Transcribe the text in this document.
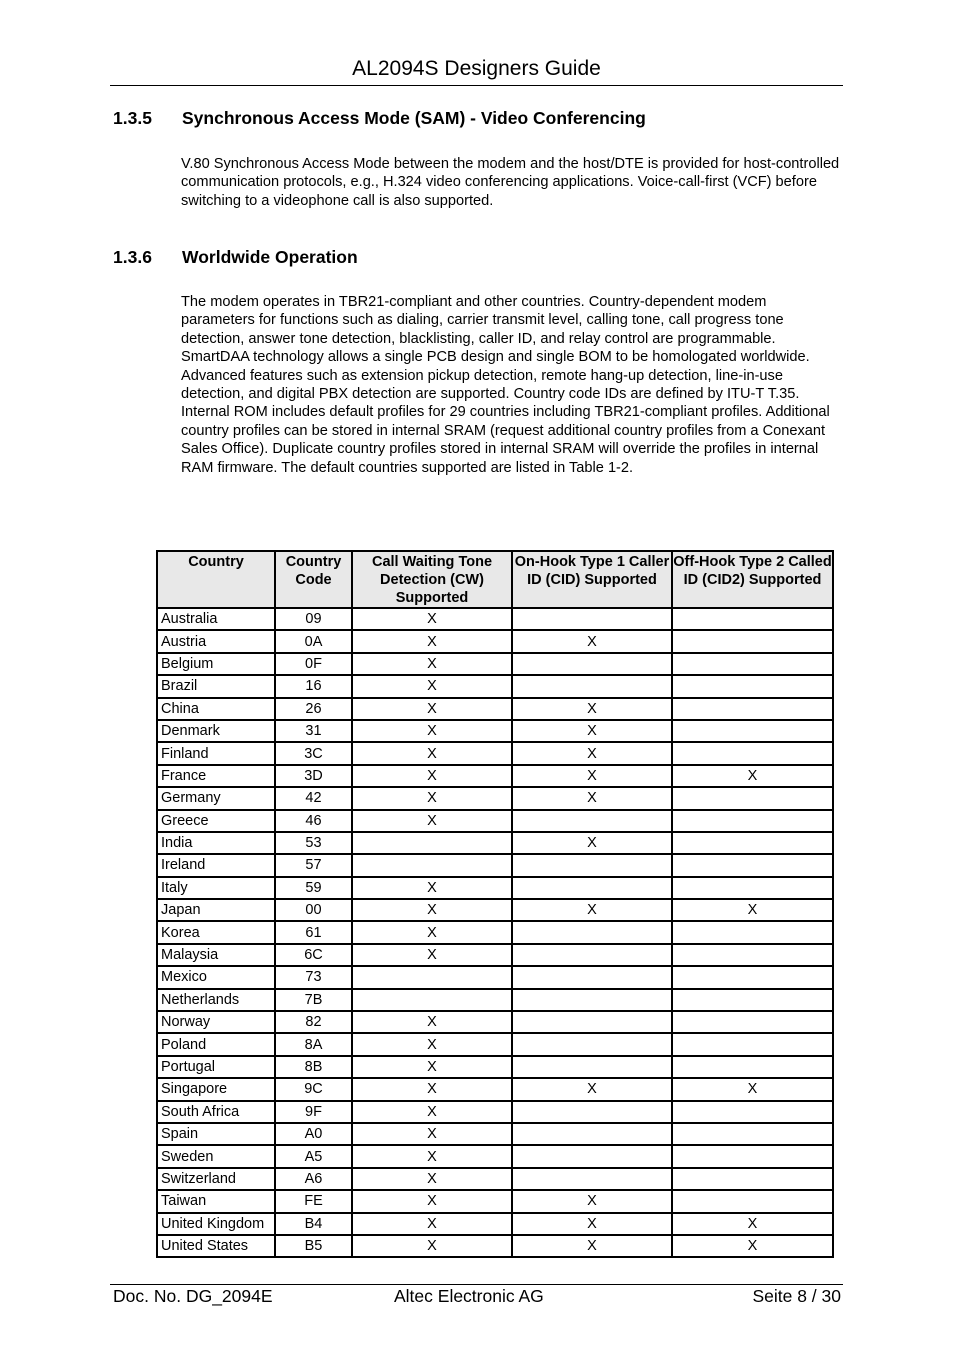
AL2094S Designers Guide
1.3.5 Synchronous Access Mode (SAM) - Video Conferencing

V.80 Synchronous Access Mode between the modem and the host/DTE is provided for host-controlled communication protocols, e.g., H.324 video conferencing applications. Voice-call-first (VCF) before switching to a videophone call is also supported.

1.3.6 Worldwide Operation

The modem operates in TBR21-compliant and other countries. Country-dependent modem parameters for functions such as dialing, carrier transmit level, calling tone, call progress tone detection, answer tone detection, blacklisting, caller ID, and relay control are programmable.

SmartDAA technology allows a single PCB design and single BOM to be homologated worldwide. Advanced features such as extension pickup detection, remote hang-up detection, line-in-use detection, and digital PBX detection are supported. Country code IDs are defined by ITU-T T.35.

Internal ROM includes default profiles for 29 countries including TBR21-compliant profiles. Additional country profiles can be stored in internal SRAM (request additional country profiles from a Conexant Sales Office). Duplicate country profiles stored in internal SRAM will override the profiles in internal RAM firmware. The default countries supported are listed in Table 1-2.

Country	Country Code	Call Waiting Tone Detection (CW) Supported	On-Hook Type 1 Caller ID (CID) Supported	Off-Hook Type 2 Called ID (CID2) Supported
Australia	09	X		
Austria	0A	X	X	
Belgium	0F	X		
Brazil	16	X		
China	26	X	X	
Denmark	31	X	X	
Finland	3C	X	X	
France	3D	X	X	X
Germany	42	X	X	
Greece	46	X		
India	53		X	
Ireland	57			
Italy	59	X		
Japan	00	X	X	X
Korea	61	X		
Malaysia	6C	X		
Mexico	73			
Netherlands	7B			
Norway	82	X		
Poland	8A	X		
Portugal	8B	X		
Singapore	9C	X	X	X
South Africa	9F	X		
Spain	A0	X		
Sweden	A5	X		
Switzerland	A6	X		
Taiwan	FE	X	X	
United Kingdom	B4	X	X	X
United States	B5	X	X	X
Doc. No. DG_2094E	Altec Electronic AG	Seite 8 / 30
